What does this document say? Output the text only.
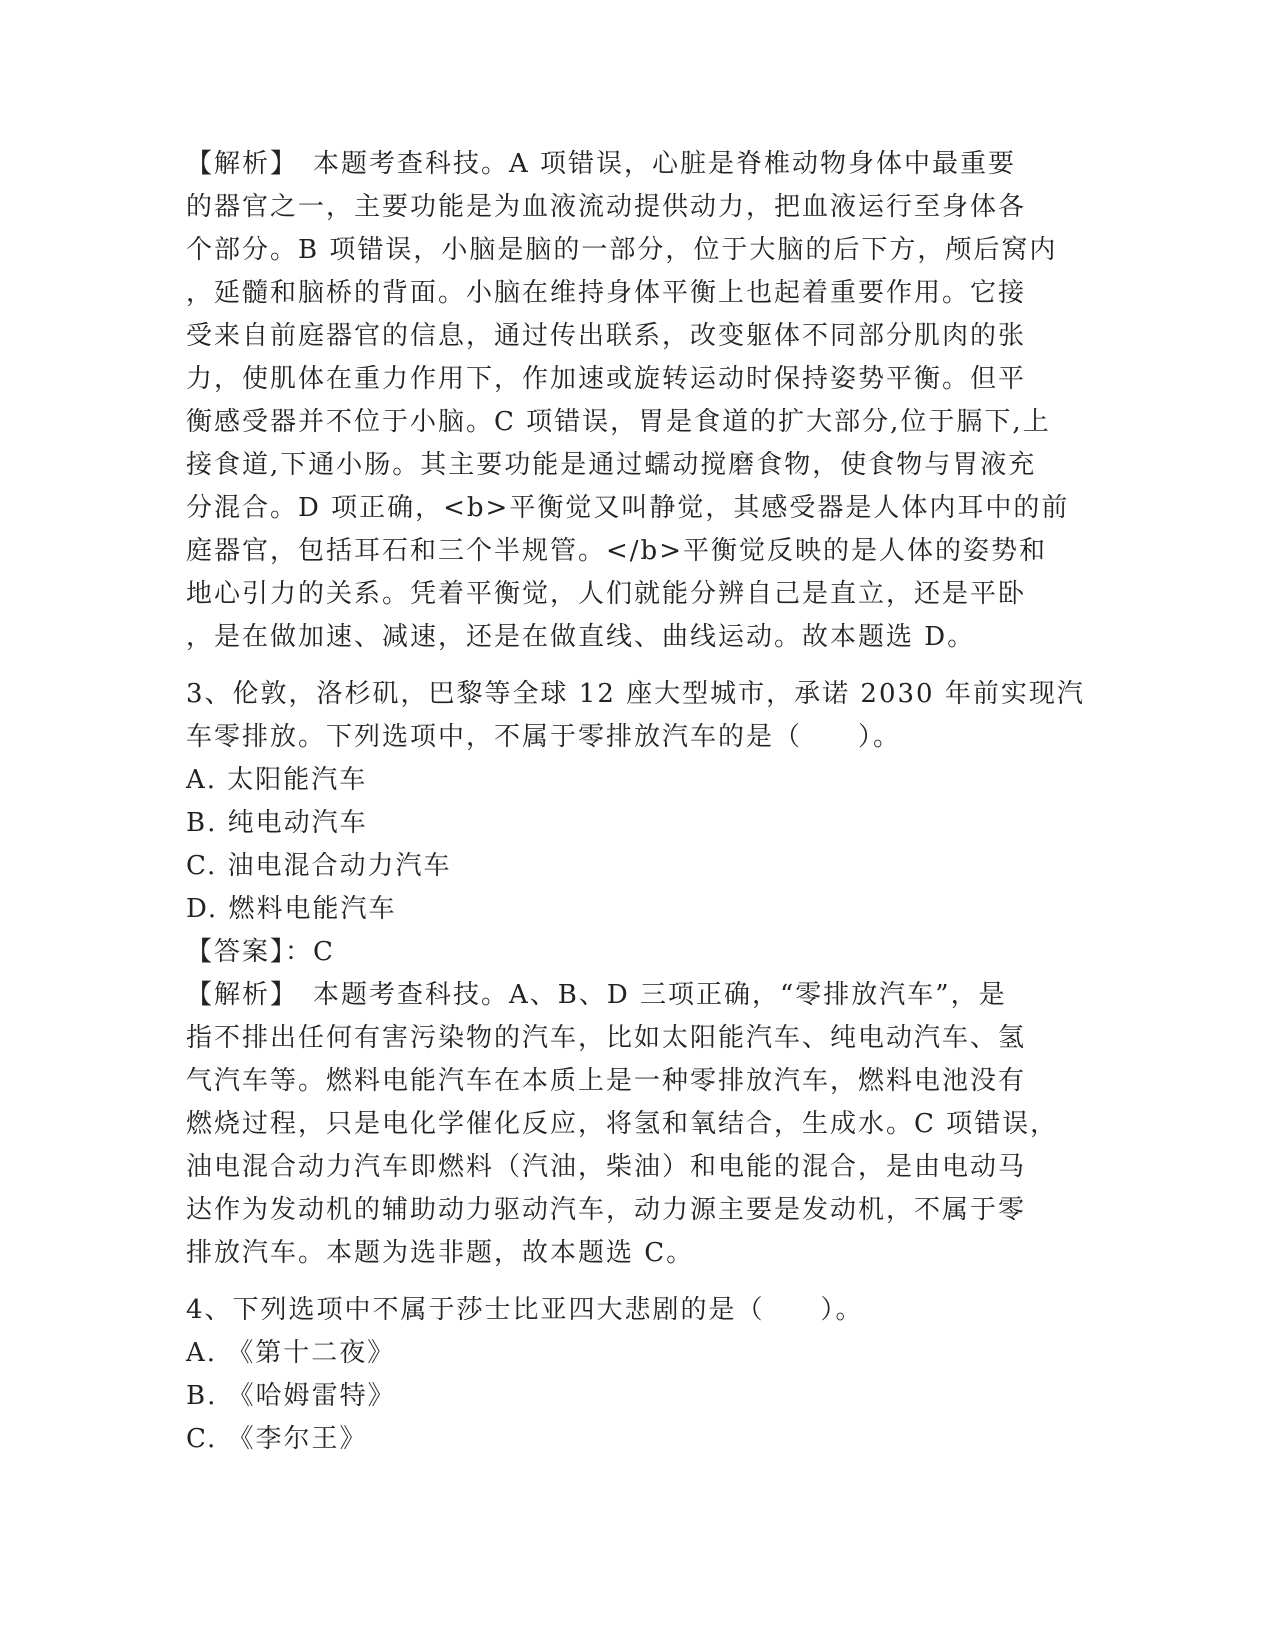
【解析】　本题考查科技。A 项错误，心脏是脊椎动物身体中最重要

的器官之一，主要功能是为血液流动提供动力，把血液运行至身体各

个部分。B 项错误，小脑是脑的一部分，位于大脑的后下方，颅后窝内

，延髓和脑桥的背面。小脑在维持身体平衡上也起着重要作用。它接

受来自前庭器官的信息，通过传出联系，改变躯体不同部分肌肉的张

力，使肌体在重力作用下，作加速或旋转运动时保持姿势平衡。但平

衡感受器并不位于小脑。C 项错误，胃是食道的扩大部分,位于膈下,上

接食道,下通小肠。其主要功能是通过蠕动搅磨食物，使食物与胃液充

分混合。D 项正确，<b>平衡觉又叫静觉，其感受器是人体内耳中的前

庭器官，包括耳石和三个半规管。</b>平衡觉反映的是人体的姿势和

地心引力的关系。凭着平衡觉，人们就能分辨自己是直立，还是平卧

，是在做加速、减速，还是在做直线、曲线运动。故本题选 D。

3、伦敦，洛杉矶，巴黎等全球 12 座大型城市，承诺 2030 年前实现汽

车零排放。下列选项中，不属于零排放汽车的是（　　）。

A. 太阳能汽车

B. 纯电动汽车

C. 油电混合动力汽车

D. 燃料电能汽车

【答案】：C

【解析】　本题考查科技。A、B、D 三项正确，“零排放汽车”，是

指不排出任何有害污染物的汽车，比如太阳能汽车、纯电动汽车、氢

气汽车等。燃料电能汽车在本质上是一种零排放汽车，燃料电池没有

燃烧过程，只是电化学催化反应，将氢和氧结合，生成水。C 项错误，

油电混合动力汽车即燃料（汽油，柴油）和电能的混合，是由电动马

达作为发动机的辅助动力驱动汽车，动力源主要是发动机，不属于零

排放汽车。本题为选非题，故本题选 C。

4、下列选项中不属于莎士比亚四大悲剧的是（　　）。

A. 《第十二夜》

B. 《哈姆雷特》

C. 《李尔王》
